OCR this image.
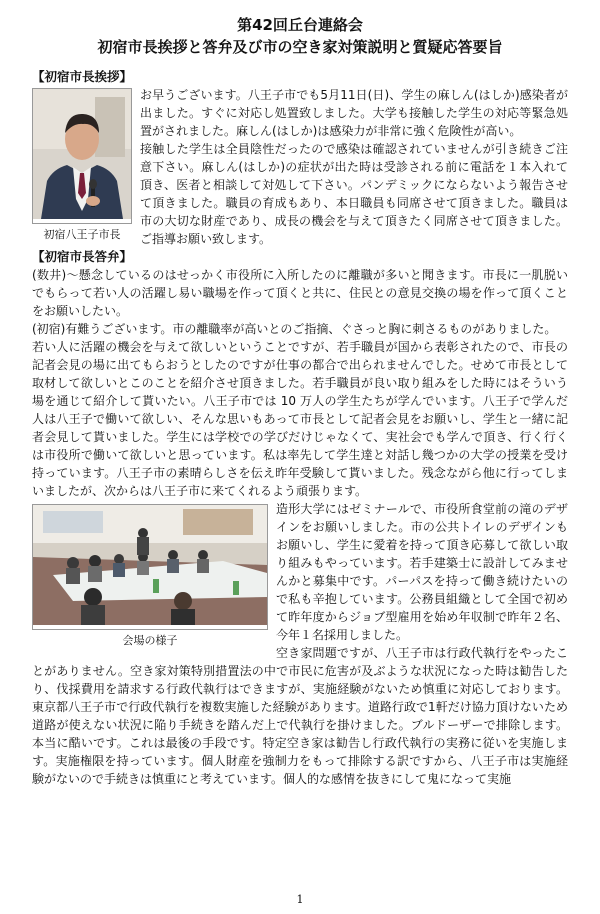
第42回丘台連絡会
初宿市長挨拶と答弁及び市の空き家対策説明と質疑応答要旨
【初宿市長挨拶】
初宿八王子市長

お早うございます。八王子市でも5月11日(日)、学生の麻しん(はしか)感染者が出ました。すぐに対応し処置致しました。大学も接触した学生の対応等緊急処置がされました。麻しん(はしか)は感染力が非常に強く危険性が高い。

接触した学生は全員陰性だったので感染は確認されていませんが引き続きご注意下さい。麻しん(はしか)の症状が出た時は受診される前に電話を１本入れて頂き、医者と相談して対処して下さい。パンデミックにならないよう報告させて頂きました。職員の育成もあり、本日職員も同席させて頂きました。職員は市の大切な財産であり、成長の機会を与えて頂きたく同席させて頂きました。ご指導お願い致します。

【初宿市長答弁】

(数井)～懸念しているのはせっかく市役所に入所したのに離職が多いと聞きます。市長に一肌脱いでもらって若い人の活躍し易い職場を作って頂くと共に、住民との意見交換の場を作って頂くことをお願いしたい。

(初宿)有難うございます。市の離職率が高いとのご指摘、ぐさっと胸に刺さるものがありました。

若い人に活躍の機会を与えて欲しいということですが、若手職員が国から表彰されたので、市長の記者会見の場に出てもらおうとしたのですが仕事の都合で出られませんでした。せめて市長として取材して欲しいとこのことを紹介させ頂きました。若手職員が良い取り組みをした時にはそういう場を通じて紹介して貰いたい。八王子市では 10 万人の学生たちが学んでいます。八王子で学んだ人は八王子で働いて欲しい、そんな思いもあって市長として記者会見をお願いし、学生と一緒に記者会見して貰いました。学生には学校での学びだけじゃなくて、実社会でも学んで頂き、行く行くは市役所で働いて欲しいと思っています。私は率先して学生達と対話し幾つかの大学の授業を受け持っています。八王子市の素晴らしさを伝え昨年受験して貰いました。残念ながら他に行ってしまいましたが、次からは八王子市に来てくれるよう頑張ります。

会場の様子

造形大学にはゼミナールで、市役所食堂前の滝のデザインをお願いしました。市の公共トイレのデザインもお願いし、学生に愛着を持って頂き応募して欲しい取り組みもやっています。若手建築士に設計してみませんかと募集中です。パーパスを持って働き続けたいので私も辛抱しています。公務員組織として全国で初めて昨年度からジョブ型雇用を始め年収制で昨年２名、今年１名採用しました。

空き家問題ですが、八王子市は行政代執行をやったことがありません。空き家対策特別措置法の中で市民に危害が及ぶような状況になった時は勧告したり、伐採費用を請求する行政代執行はできますが、実施経験がないため慎重に対応しております。東京都八王子市で行政代執行を複数実施した経験があります。道路行政で1軒だけ協力頂けないため道路が使えない状況に陥り手続きを踏んだ上で代執行を掛けました。ブルドーザーで排除します。本当に酷いです。これは最後の手段です。特定空き家は勧告し行政代執行の実務に従いを実施します。実施権限を持っています。個人財産を強制力をもって排除する訳ですから、八王子市は実施経験がないので手続きは慎重にと考えています。個人的な感情を抜きにして鬼になって実施

1
